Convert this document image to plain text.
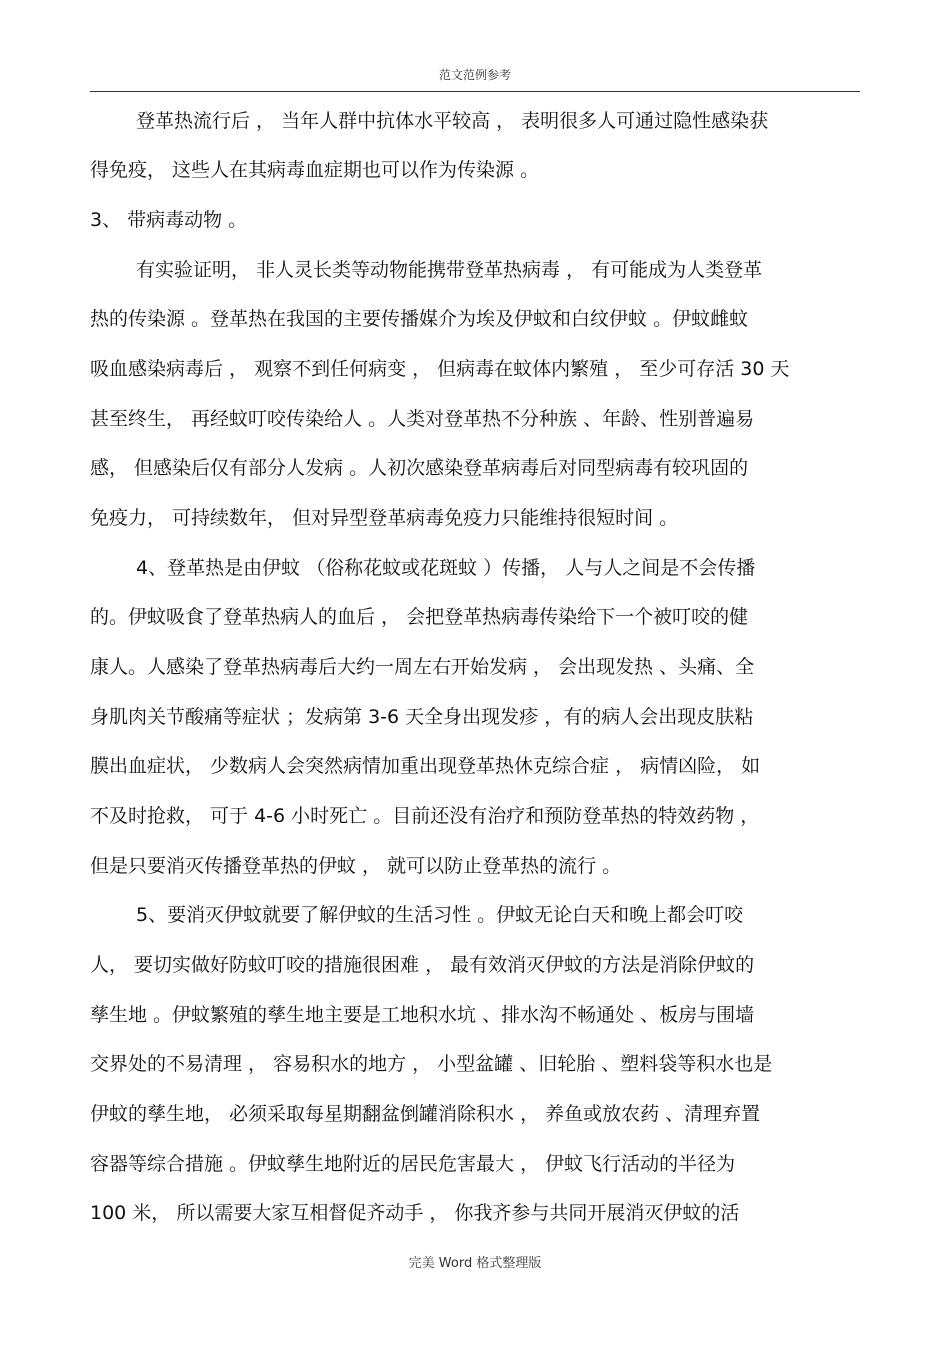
范文范例参考
登革热流行后 ， 当年人群中抗体水平较高 ， 表明很多人可通过隐性感染获
得免疫， 这些人在其病毒血症期也可以作为传染源 。
3、 带病毒动物 。
有实验证明， 非人灵长类等动物能携带登革热病毒 ， 有可能成为人类登革
热的传染源 。登革热在我国的主要传播媒介为埃及伊蚊和白纹伊蚊 。伊蚊雌蚊
吸血感染病毒后 ， 观察不到任何病变 ， 但病毒在蚊体内繁殖 ， 至少可存活 30 天
甚至终生， 再经蚊叮咬传染给人 。人类对登革热不分种族 、年龄、性别普遍易
感， 但感染后仅有部分人发病 。人初次感染登革病毒后对同型病毒有较巩固的
免疫力， 可持续数年， 但对异型登革病毒免疫力只能维持很短时间 。
4、登革热是由伊蚊 （俗称花蚊或花斑蚊 ）传播， 人与人之间是不会传播
的。伊蚊吸食了登革热病人的血后 ， 会把登革热病毒传染给下一个被叮咬的健
康人。人感染了登革热病毒后大约一周左右开始发病 ， 会出现发热 、头痛、全
身肌肉关节酸痛等症状 ；发病第 3-6 天全身出现发疹 ，有的病人会出现皮肤粘
膜出血症状， 少数病人会突然病情加重出现登革热休克综合症 ， 病情凶险， 如
不及时抢救， 可于 4-6 小时死亡 。目前还没有治疗和预防登革热的特效药物 ，
但是只要消灭传播登革热的伊蚊 ， 就可以防止登革热的流行 。
5、要消灭伊蚊就要了解伊蚊的生活习性 。伊蚊无论白天和晚上都会叮咬
人， 要切实做好防蚊叮咬的措施很困难 ， 最有效消灭伊蚊的方法是消除伊蚊的
孳生地 。伊蚊繁殖的孳生地主要是工地积水坑 、排水沟不畅通处 、板房与围墙
交界处的不易清理 ， 容易积水的地方 ， 小型盆罐 、旧轮胎 、塑料袋等积水也是
伊蚊的孳生地， 必须采取每星期翻盆倒罐消除积水 ， 养鱼或放农药 、清理弃置
容器等综合措施 。伊蚊孳生地附近的居民危害最大 ， 伊蚊飞行活动的半径为
100 米， 所以需要大家互相督促齐动手 ， 你我齐参与共同开展消灭伊蚊的活
完美 Word 格式整理版
